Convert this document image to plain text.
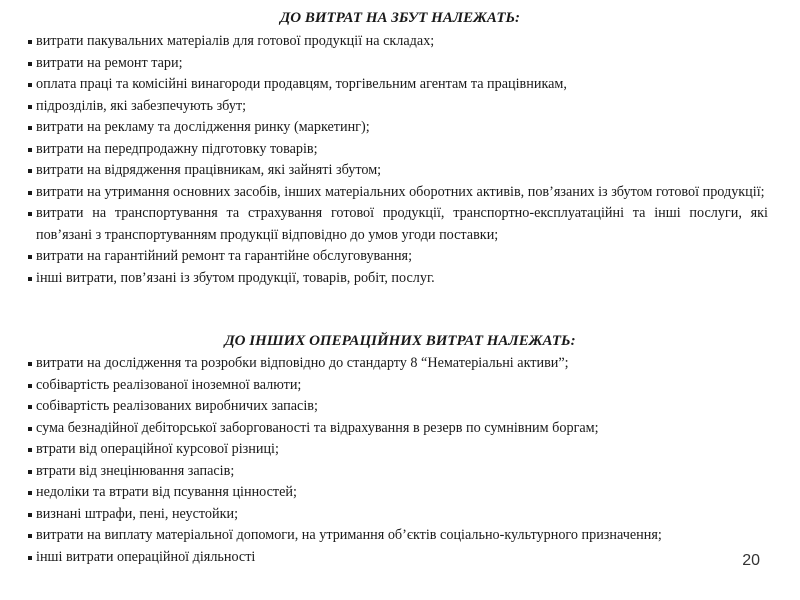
ДО ВИТРАТ НА ЗБУТ НАЛЕЖАТЬ:
витрати пакувальних матеріалів для готової продукції на складах;
витрати на ремонт тари;
оплата праці та комісійні винагороди продавцям, торгівельним агентам та працівникам,
підрозділів, які забезпечують збут;
витрати на рекламу та дослідження ринку (маркетинг);
витрати на передпродажну підготовку товарів;
витрати на відрядження працівникам, які зайняті збутом;
витрати на утримання основних засобів, інших матеріальних оборотних активів, пов’язаних із збутом готової продукції;
витрати на транспортування та страхування готової продукції, транспортно-експлуатаційні та інші послуги, які пов’язані з транспортуванням продукції відповідно до умов угоди поставки;
витрати на гарантійний ремонт та гарантійне обслуговування;
інші витрати, пов’язані із збутом продукції, товарів, робіт, послуг.
ДО ІНШИХ ОПЕРАЦІЙНИХ ВИТРАТ НАЛЕЖАТЬ:
витрати на дослідження та розробки відповідно до стандарту 8 “Нематеріальні активи”;
собівартість реалізованої іноземної валюти;
собівартість реалізованих виробничих запасів;
сума безнадійної дебіторської заборгованості та відрахування в резерв по сумнівним боргам;
втрати від операційної курсової різниці;
втрати від знецінювання запасів;
недоліки та втрати від псування цінностей;
визнані штрафи, пені, неустойки;
витрати на виплату матеріальної допомоги, на утримання об’єктів соціально-культурного призначення;
інші витрати операційної діяльності	20
